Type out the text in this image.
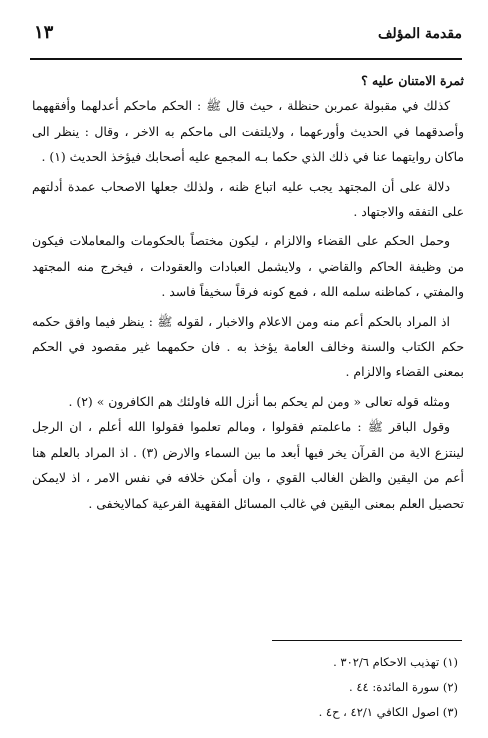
مقدمة المؤلف
١٣

ثمرة الامتنان عليه ؟

كذلك في مقبولة عمربن حنظلة ، حيث قال ﷺ : الحكم ماحكم أعدلهما وأفقههما وأصدقهما في الحديث وأورعهما ، ولايلتفت الى ماحكم به الاخر ، وقال : ينظر الى ماكان روايتهما عنا في ذلك الذي حكما بـه المجمع عليه أصحابك فيؤخذ الحديث (١) .

دلالة على أن المجتهد يجب عليه اتباع ظنه ، ولذلك جعلها الاصحاب عمدة أدلتهم على التفقه والاجتهاد .

وحمل الحكم على القضاء والالزام ، ليكون مختصاً بالحكومات والمعاملات فيكون من وظيفة الحاكم والقاضي ، ولايشمل العبادات والعقودات ، فيخرج منه المجتهد والمفتي ، كماظنه سلمه الله ، فمع كونه فرقاً سخيفاً فاسد .

اذ المراد بالحكم أعم منه ومن الاعلام والاخبار ، لقوله ﷺ : ينظر فيما وافق حكمه حكم الكتاب والسنة وخالف العامة يؤخذ به . فان حكمهما غير مقصود في الحكم بمعنى القضاء والالزام .

ومثله قوله تعالى « ومن لم يحكم بما أنزل الله فاولئك هم الكافرون » (٢) .

وقول الباقر ﷺ : ماعلمتم فقولوا ، ومالم تعلموا فقولوا الله أعلم ، ان الرجل لينتزع الاية من القرآن يخر فيها أبعد ما بين السماء والارض (٣) . اذ المراد بالعلم هنا أعم من اليقين والظن الغالب القوي ، وان أمكن خلافه في نفس الامر ، اذ لايمكن تحصيل العلم بمعنى اليقين في غالب المسائل الفقهية الفرعية كمالايخفى .

(١) تهذيب الاحكام ٣٠٢/٦ .

(٢) سورة المائدة: ٤٤ .

(٣) اصول الكافي ٤٢/١ ، ح٤ .
